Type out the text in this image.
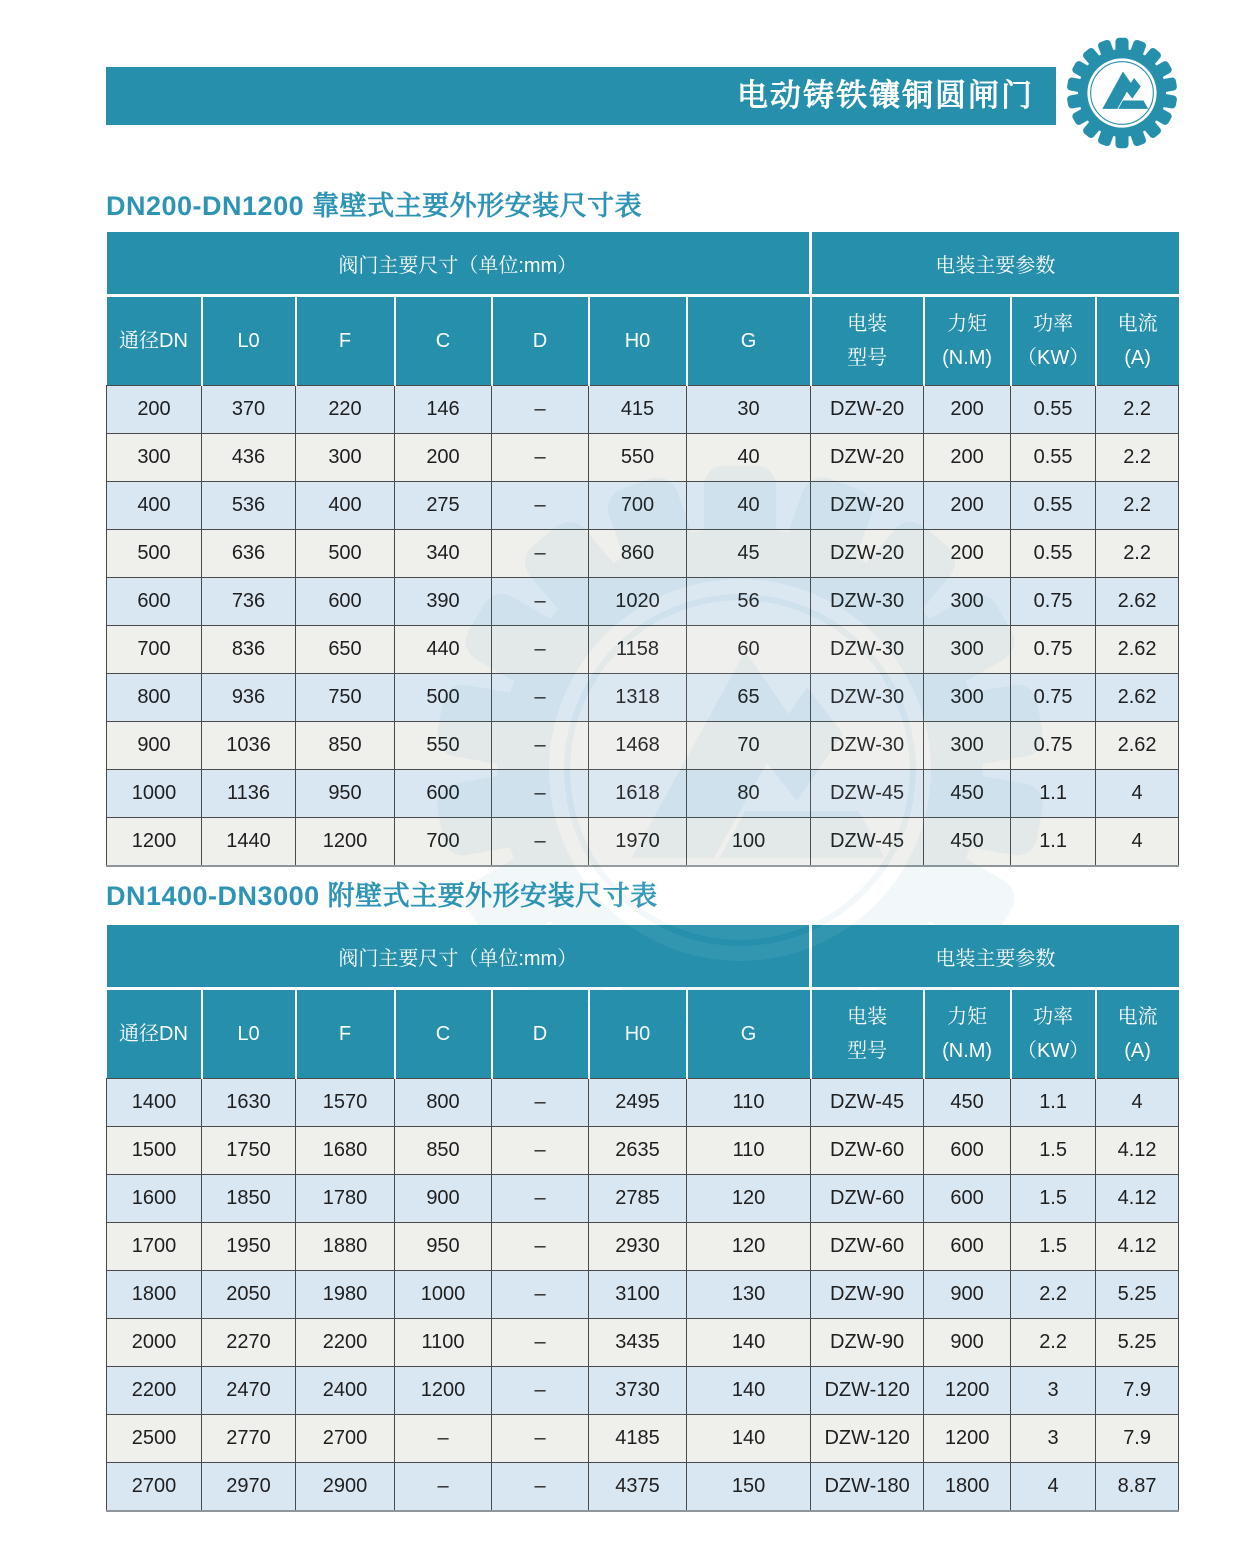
电动铸铁镶铜圆闸门
DN200-DN1200 靠壁式主要外形安装尺寸表
阀门主要尺寸（单位:mm）							电装主要参数			

通径DN	L0	F	C	D	H0	G

电装
型号

力矩
(N.M)

功率
（KW）

电流
(A)

200	370	220	146	–	415	30	DZW-20	200	0.55	2.2
300	436	300	200	–	550	40	DZW-20	200	0.55	2.2
400	536	400	275	–	700	40	DZW-20	200	0.55	2.2
500	636	500	340	–	860	45	DZW-20	200	0.55	2.2
600	736	600	390	–	1020	56	DZW-30	300	0.75	2.62
700	836	650	440	–	1158	60	DZW-30	300	0.75	2.62
800	936	750	500	–	1318	65	DZW-30	300	0.75	2.62
900	1036	850	550	–	1468	70	DZW-30	300	0.75	2.62
1000	1136	950	600	–	1618	80	DZW-45	450	1.1	4
1200	1440	1200	700	–	1970	100	DZW-45	450	1.1	4
DN1400-DN3000 附壁式主要外形安装尺寸表
阀门主要尺寸（单位:mm）							电装主要参数			

通径DN	L0	F	C	D	H0	G

电装
型号

力矩
(N.M)

功率
（KW）

电流
(A)

1400	1630	1570	800	–	2495	110	DZW-45	450	1.1	4
1500	1750	1680	850	–	2635	110	DZW-60	600	1.5	4.12
1600	1850	1780	900	–	2785	120	DZW-60	600	1.5	4.12
1700	1950	1880	950	–	2930	120	DZW-60	600	1.5	4.12
1800	2050	1980	1000	–	3100	130	DZW-90	900	2.2	5.25
2000	2270	2200	1100	–	3435	140	DZW-90	900	2.2	5.25
2200	2470	2400	1200	–	3730	140	DZW-120	1200	3	7.9
2500	2770	2700	–	–	4185	140	DZW-120	1200	3	7.9
2700	2970	2900	–	–	4375	150	DZW-180	1800	4	8.87
